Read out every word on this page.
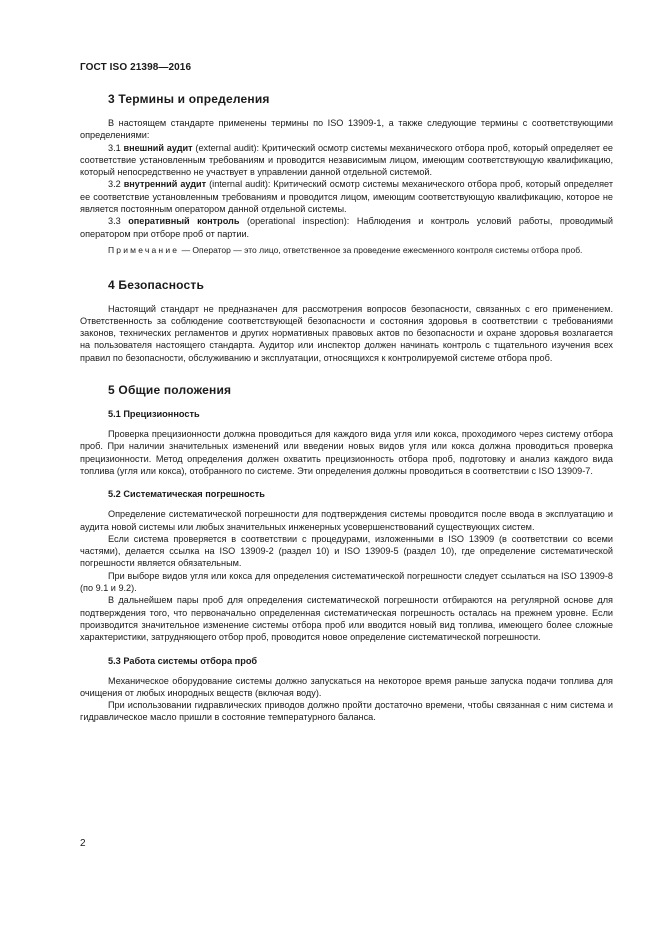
ГОСТ ISO 21398—2016
3 Термины и определения

В настоящем стандарте применены термины по ISO 13909-1, а также следующие термины с соответствующими определениями:

3.1 внешний аудит (external audit): Критический осмотр системы механического отбора проб, который определяет ее соответствие установленным требованиям и проводится независимым лицом, имеющим соответствующую квалификацию, который непосредственно не участвует в управлении данной отдельной системой.

3.2 внутренний аудит (internal audit): Критический осмотр системы механического отбора проб, который определяет ее соответствие установленным требованиям и проводится лицом, имеющим соответствующую квалификацию, которое не является постоянным оператором данной отдельной системы.

3.3 оперативный контроль (operational inspection): Наблюдения и контроль условий работы, проводимый оператором при отборе проб от партии.

Примечание — Оператор — это лицо, ответственное за проведение ежесменного контроля системы отбора проб.

4 Безопасность

Настоящий стандарт не предназначен для рассмотрения вопросов безопасности, связанных с его применением. Ответственность за соблюдение соответствующей безопасности и состояния здоровья в соответствии с требованиями законов, технических регламентов и других нормативных правовых актов по безопасности и охране здоровья возлагается на пользователя настоящего стандарта. Аудитор или инспектор должен начинать контроль с тщательного изучения всех правил по безопасности, обслуживанию и эксплуатации, относящихся к контролируемой системе отбора проб.

5 Общие положения
5.1 Прецизионность

Проверка прецизионности должна проводиться для каждого вида угля или кокса, проходимого через систему отбора проб. При наличии значительных изменений или введении новых видов угля или кокса должна проводиться проверка прецизионности. Метод определения должен охватить прецизионность отбора проб, подготовку и анализ каждого вида топлива (угля или кокса), отобранного по системе. Эти определения должны проводиться в соответствии с ISO 13909-7.

5.2 Систематическая погрешность

Определение систематической погрешности для подтверждения системы проводится после ввода в эксплуатацию и аудита новой системы или любых значительных инженерных усовершенствований существующих систем.

Если система проверяется в соответствии с процедурами, изложенными в ISO 13909 (в соответствии со всеми частями), делается ссылка на ISO 13909-2 (раздел 10) и ISO 13909-5 (раздел 10), где определение систематической погрешности является обязательным.

При выборе видов угля или кокса для определения систематической погрешности следует ссылаться на ISO 13909-8 (по 9.1 и 9.2).

В дальнейшем пары проб для определения систематической погрешности отбираются на регулярной основе для подтверждения того, что первоначально определенная систематическая погрешность осталась на прежнем уровне. Если производится значительное изменение системы отбора проб или вводится новый вид топлива, имеющего более сложные характеристики, затрудняющего отбор проб, проводится новое определение систематической погрешности.

5.3 Работа системы отбора проб

Механическое оборудование системы должно запускаться на некоторое время раньше запуска подачи топлива для очищения от любых инородных веществ (включая воду).

При использовании гидравлических приводов должно пройти достаточно времени, чтобы связанная с ним система и гидравлическое масло пришли в состояние температурного баланса.

2
